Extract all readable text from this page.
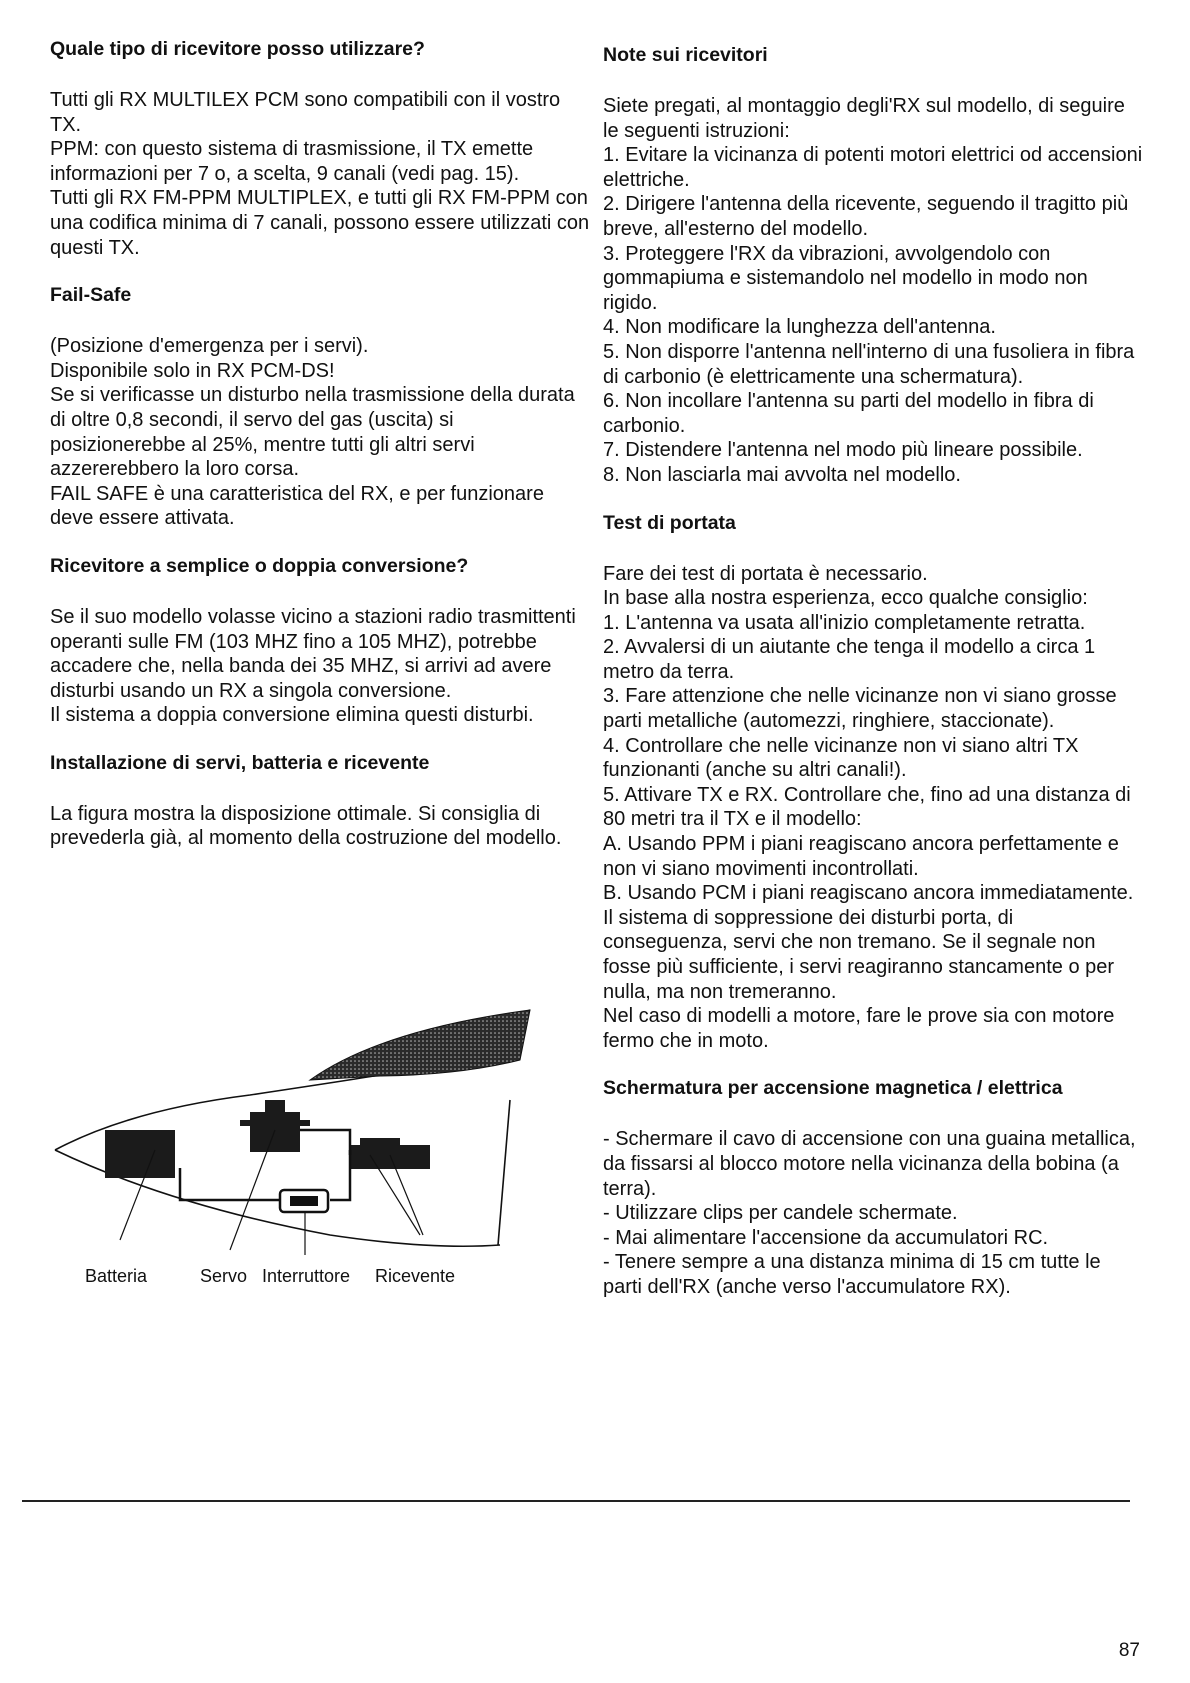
Quale tipo di ricevitore posso utilizzare?

Tutti gli RX MULTILEX PCM sono compatibili con il vostro TX.

PPM: con questo sistema di trasmissione, il TX emette informazioni per 7 o, a scelta, 9 canali (vedi pag. 15).

Tutti gli RX FM-PPM MULTIPLEX, e tutti gli RX FM-PPM con una codifica minima di 7 canali, possono essere utilizzati con questi TX.

Fail-Safe

(Posizione d'emergenza per i servi).

Disponibile solo in RX PCM-DS!

Se si verificasse un disturbo nella trasmissione della durata di oltre 0,8 secondi, il servo del gas (uscita) si posizionerebbe al 25%, mentre tutti gli altri servi azzererebbero la loro corsa.

FAIL SAFE è una caratteristica del RX, e per funzionare deve essere attivata.

Ricevitore a semplice o doppia conversione?

Se il suo modello volasse vicino a stazioni radio trasmittenti operanti sulle FM (103 MHZ fino a 105 MHZ), potrebbe accadere che, nella banda dei 35 MHZ, si arrivi ad avere disturbi usando un RX a singola conversione.

Il sistema a doppia conversione elimina questi disturbi.

Installazione di servi, batteria e ricevente

La figura mostra la disposizione ottimale. Si consiglia di prevederla già, al momento della costruzione del modello.

Batteria	Servo Interruttore Ricevente
Note sui ricevitori

Siete pregati, al montaggio degli'RX sul modello, di seguire le seguenti istruzioni:

1. Evitare la vicinanza di potenti motori elettrici od accensioni elettriche.

2. Dirigere l'antenna della ricevente, seguendo il tragitto più breve, all'esterno del modello.

3. Proteggere l'RX da vibrazioni, avvolgendolo con gommapiuma e sistemandolo nel modello in modo non rigido.

4. Non modificare la lunghezza dell'antenna.

5. Non disporre l'antenna nell'interno di una fusoliera in fibra di carbonio (è elettricamente una schermatura).

6. Non incollare l'antenna su parti del modello in fibra di carbonio.

7. Distendere l'antenna nel modo più lineare possibile.

8. Non lasciarla mai avvolta nel modello.

Test di portata

Fare dei test di portata è necessario.

In base alla nostra esperienza, ecco qualche consiglio:

1. L'antenna va usata all'inizio completamente retratta.

2. Avvalersi di un aiutante che tenga il modello a circa 1 metro da terra.

3. Fare attenzione che nelle vicinanze non vi siano grosse parti metalliche (automezzi, ringhiere, staccionate).

4. Controllare che nelle vicinanze non vi siano altri TX funzionanti (anche su altri canali!).

5. Attivare TX e RX. Controllare che, fino ad una distanza di 80 metri tra il TX e il modello:

A. Usando PPM i piani reagiscano ancora perfettamente e non vi siano movimenti incontrollati.

B. Usando PCM i piani reagiscano ancora immediatamente. Il sistema di soppressione dei disturbi porta, di conseguenza, servi che non tremano. Se il segnale non fosse più sufficiente, i servi reagiranno stancamente o per nulla, ma non tremeranno.

Nel caso di modelli a motore, fare le prove sia con motore fermo che in moto.

Schermatura per accensione magnetica / elettrica

- Schermare il cavo di accensione con una guaina metallica, da fissarsi al blocco motore nella vicinanza della bobina (a terra).

- Utilizzare clips per candele schermate.

- Mai alimentare l'accensione da accumulatori RC.

- Tenere sempre a una distanza minima di 15 cm tutte le parti dell'RX (anche verso l'accumulatore RX).

87
